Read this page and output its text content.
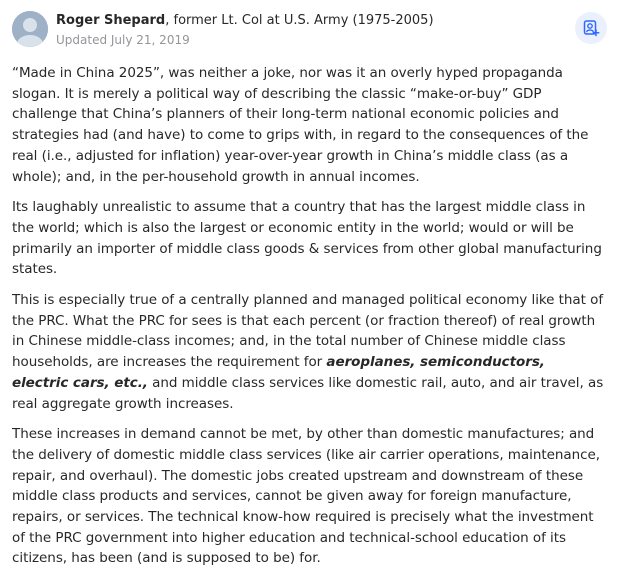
Roger Shepard, former Lt. Col at U.S. Army (1975-2005)
Updated July 21, 2019

“Made in China 2025”, was neither a joke, nor was it an overly hyped propaganda slogan. It is merely a political way of describing the classic “make-or-buy” GDP challenge that China’s planners of their long-term national economic policies and strategies had (and have) to come to grips with, in regard to the consequences of the real (i.e., adjusted for inflation) year-over-year growth in China’s middle class (as a whole); and, in the per-household growth in annual incomes.

Its laughably unrealistic to assume that a country that has the largest middle class in the world; which is also the largest or economic entity in the world; would or will be primarily an importer of middle class goods & services from other global manufacturing states.

This is especially true of a centrally planned and managed political economy like that of the PRC. What the PRC for sees is that each percent (or fraction thereof) of real growth in Chinese middle-class incomes; and, in the total number of Chinese middle class households, are increases the requirement for aeroplanes, semiconductors, electric cars, etc., and middle class services like domestic rail, auto, and air travel, as real aggregate growth increases.

These increases in demand cannot be met, by other than domestic manufactures; and the delivery of domestic middle class services (like air carrier operations, maintenance, repair, and overhaul). The domestic jobs created upstream and downstream of these middle class products and services, cannot be given away for foreign manufacture, repairs, or services. The technical know-how required is precisely what the investment of the PRC government into higher education and technical-school education of its citizens, has been (and is supposed to be) for.
